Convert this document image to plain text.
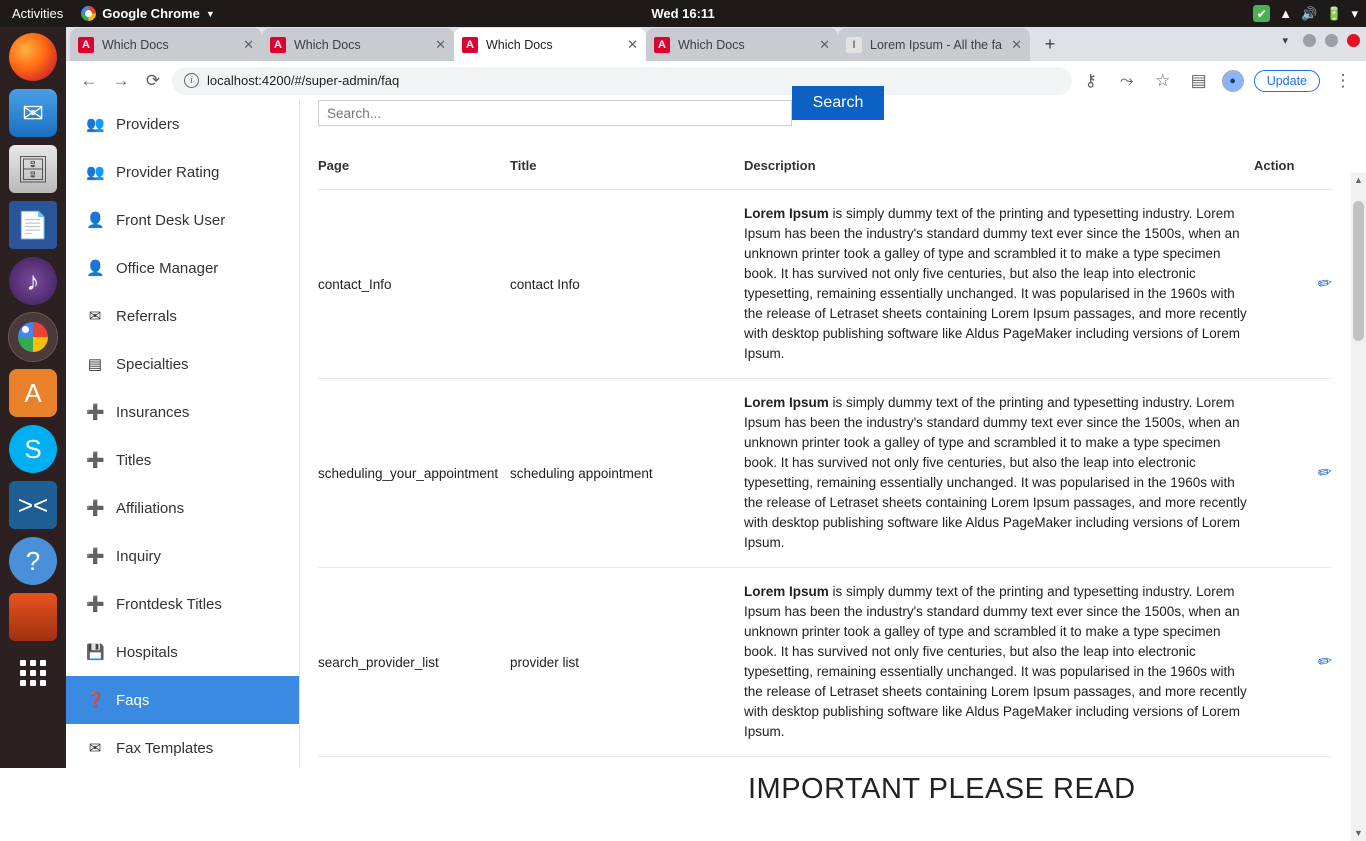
Activities	Google Chrome ▼	Wed 16:11	✔ ▲ 🔊 🔋 ▾
✉
🗄
📄
♪
A
S
><
?
A Which Docs	✕	A Which Docs	✕	A Which Docs	✕	A Which Docs	✕	I	Lorem Ipsum - All the fa ✕	+	▾
← → ⟳	i	localhost:4200/#/super-admin/faq	⚷	⤳	☆	▤	●	Update	⋮
👥 Providers
👥 Provider Rating
👤 Front Desk User
👤 Office Manager
✉ Referrals
▤ Specialties
➕ Insurances
➕ Titles
➕ Affiliations
➕ Inquiry
➕ Frontdesk Titles
💾 Hospitals
❓ Faqs
✉ Fax Templates
Search...
Search
Page	Title	Description	Action
contact_Info	contact Info	Lorem Ipsum is simply dummy text of the printing and typesetting industry. Lorem Ipsum has been the industry's standard dummy text ever since the 1500s, when an unknown printer took a galley of type and scrambled it to make a type specimen book. It has survived not only five centuries, but also the leap into electronic typesetting, remaining essentially unchanged. It was popularised in the 1960s with the release of Letraset sheets containing Lorem Ipsum passages, and more recently with desktop publishing software like Aldus PageMaker including versions of Lorem Ipsum.	✏
scheduling_your_appointment	scheduling appointment	Lorem Ipsum is simply dummy text of the printing and typesetting industry. Lorem Ipsum has been the industry's standard dummy text ever since the 1500s, when an unknown printer took a galley of type and scrambled it to make a type specimen book. It has survived not only five centuries, but also the leap into electronic typesetting, remaining essentially unchanged. It was popularised in the 1960s with the release of Letraset sheets containing Lorem Ipsum passages, and more recently with desktop publishing software like Aldus PageMaker including versions of Lorem Ipsum.	✏
search_provider_list	provider list	Lorem Ipsum is simply dummy text of the printing and typesetting industry. Lorem Ipsum has been the industry's standard dummy text ever since the 1500s, when an unknown printer took a galley of type and scrambled it to make a type specimen book. It has survived not only five centuries, but also the leap into electronic typesetting, remaining essentially unchanged. It was popularised in the 1960s with the release of Letraset sheets containing Lorem Ipsum passages, and more recently with desktop publishing software like Aldus PageMaker including versions of Lorem Ipsum.	✏
IMPORTANT PLEASE READ
▲
▼
